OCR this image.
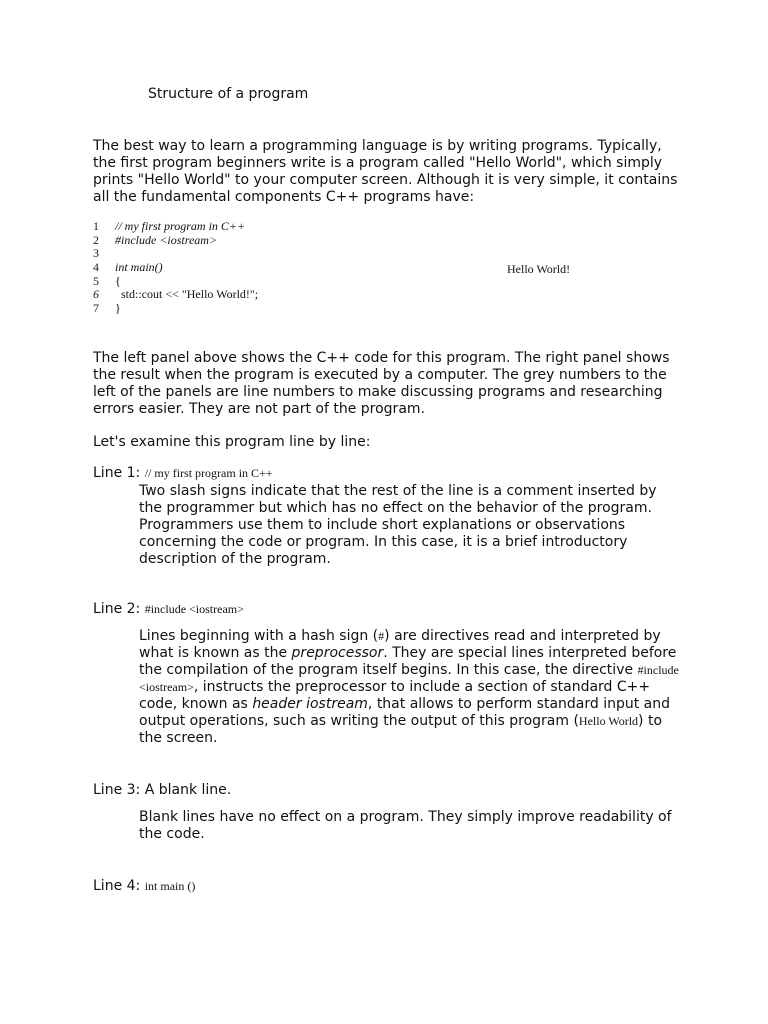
Structure of a program
The best way to learn a programming language is by writing programs. Typically, the first program beginners write is a program called "Hello World", which simply prints "Hello World" to your computer screen. Although it is very simple, it contains all the fundamental components C++ programs have:
1 // my first program in C++
2 #include <iostream>
3
4 int main()
5 {
6  std::cout << "Hello World!";
7 }
Hello World!
The left panel above shows the C++ code for this program. The right panel shows the result when the program is executed by a computer. The grey numbers to the left of the panels are line numbers to make discussing programs and researching errors easier. They are not part of the program.
Let's examine this program line by line:
Line 1: // my first program in C++
Two slash signs indicate that the rest of the line is a comment inserted by the programmer but which has no effect on the behavior of the program. Programmers use them to include short explanations or observations concerning the code or program. In this case, it is a brief introductory description of the program.
Line 2: #include <iostream>
Lines beginning with a hash sign (#) are directives read and interpreted by what is known as the preprocessor. They are special lines interpreted before the compilation of the program itself begins. In this case, the directive #include <iostream>, instructs the preprocessor to include a section of standard C++ code, known as header iostream, that allows to perform standard input and output operations, such as writing the output of this program (Hello World) to the screen.
Line 3: A blank line.
Blank lines have no effect on a program. They simply improve readability of the code.
Line 4: int main ()
